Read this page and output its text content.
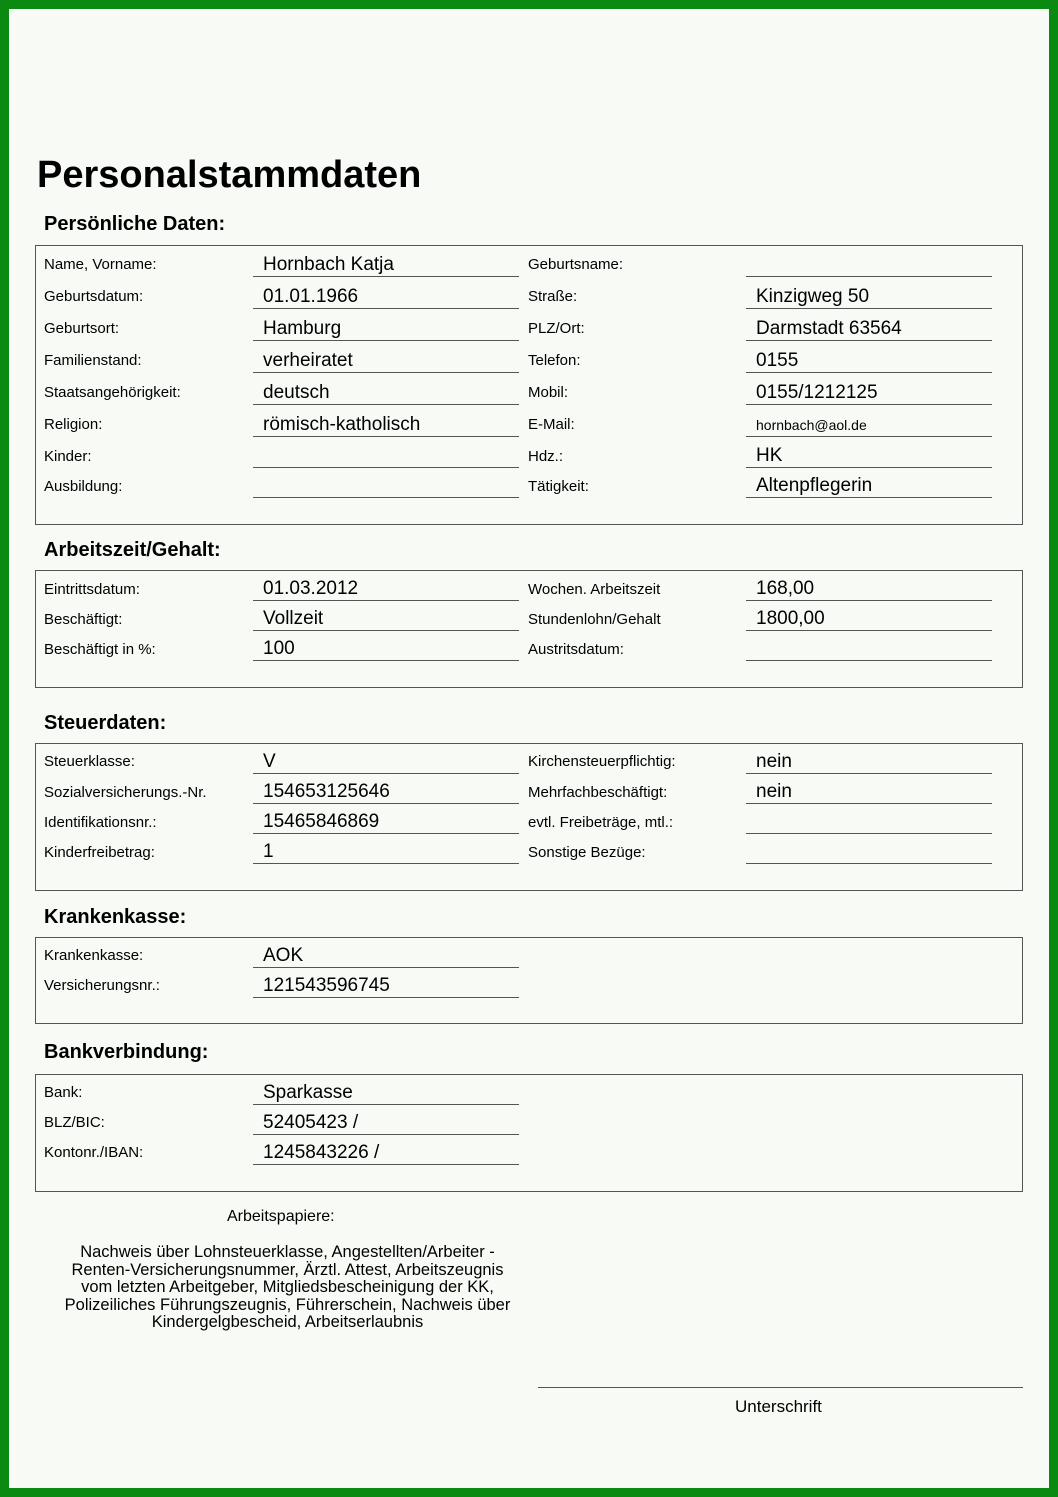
Personalstammdaten
Persönliche Daten:
Name, Vorname:	Hornbach Katja
Geburtsdatum:	01.01.1966
Geburtsort:	Hamburg
Familienstand:	verheiratet
Staatsangehörigkeit:	deutsch
Religion:	römisch-katholisch
Kinder:
Ausbildung:
Geburtsname:
Straße:	Kinzigweg 50
PLZ/Ort:	Darmstadt 63564
Telefon:	0155
Mobil:	0155/1212125
E-Mail:	hornbach@aol.de
Hdz.:	HK
Tätigkeit:	Altenpflegerin
Arbeitszeit/Gehalt:
Eintrittsdatum:	01.03.2012
Beschäftigt:	Vollzeit
Beschäftigt in %:	100
Wochen. Arbeitszeit	168,00
Stundenlohn/Gehalt	1800,00
Austritsdatum:
Steuerdaten:
Steuerklasse:	V
Sozialversicherungs.-Nr.	154653125646
Identifikationsnr.:	15465846869
Kinderfreibetrag:	1
Kirchensteuerpflichtig:	nein
Mehrfachbeschäftigt:	nein
evtl. Freibeträge, mtl.:
Sonstige Bezüge:
Krankenkasse:
Krankenkasse:	AOK
Versicherungsnr.:	121543596745
Bankverbindung:
Bank:	Sparkasse
BLZ/BIC:	52405423 /
Kontonr./IBAN:	1245843226 /
Arbeitspapiere:
Nachweis über Lohnsteuerklasse, Angestellten/Arbeiter -
Renten-Versicherungsnummer, Ärztl. Attest, Arbeitszeugnis
vom letzten Arbeitgeber, Mitgliedsbescheinigung der KK,
Polizeiliches Führungszeugnis, Führerschein, Nachweis über
Kindergelgbescheid, Arbeitserlaubnis
Unterschrift
